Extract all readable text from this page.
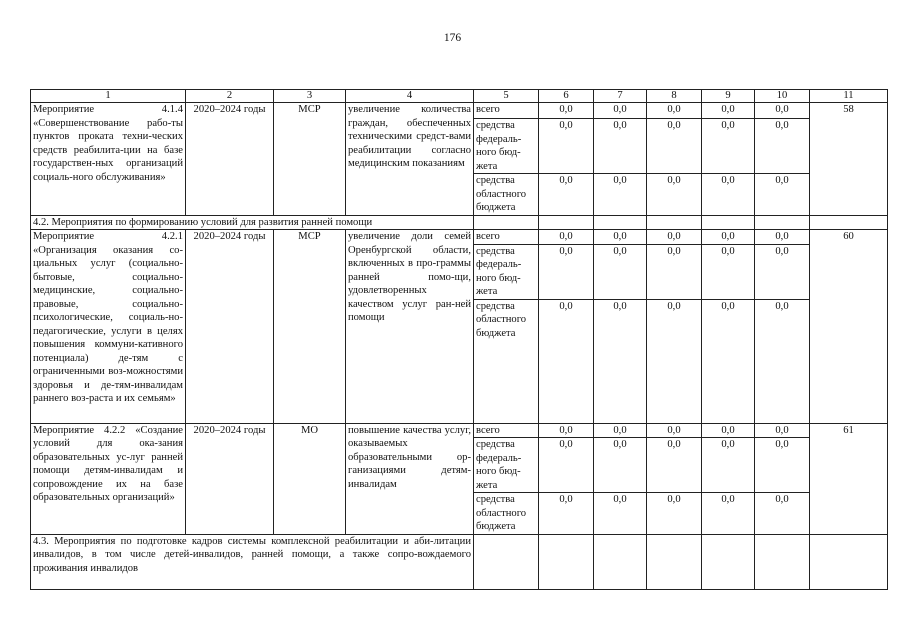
176
1	2	3	4	5	6	7	8	9	10	11
Мероприятие 4.1.4 «Совершенствование рабо-ты пунктов проката техни-ческих средств реабилита-ции на базе государствен-ных организаций социаль-ного обслуживания»	2020–2024 годы	МСР	увеличение количества граждан, обеспеченных техническими средст-вами реабилитации согласно медицинским показаниям	всего	0,0	0,0	0,0	0,0	0,0	58
				средства федераль-ного бюд-жета	0,0	0,0	0,0	0,0	0,0	
				средства областного бюджета	0,0	0,0	0,0	0,0	0,0	
4.2. Мероприятия по формированию условий для развития ранней помощи										
Мероприятие 4.2.1 «Организация оказания со-циальных услуг (социально-бытовые, социально-медицинские, социально-правовые, социально-психологические, социаль-но-педагогические, услуги в целях повышения коммуни-кативного потенциала) де-тям с ограниченными воз-можностями здоровья и де-тям-инвалидам раннего воз-раста и их семьям»	2020–2024 годы	МСР	увеличение доли семей Оренбургской области, включенных в про-граммы ранней помо-щи, удовлетворенных качеством услуг ран-ней помощи	всего	0,0	0,0	0,0	0,0	0,0	60
				средства федераль-ного бюд-жета	0,0	0,0	0,0	0,0	0,0	
				средства областного бюджета	0,0	0,0	0,0	0,0	0,0	
Мероприятие 4.2.2 «Создание условий для ока-зания образовательных ус-луг ранней помощи детям-инвалидам и сопровождение их на базе образовательных организаций»	2020–2024 годы	МО	повышение качества услуг, оказываемых образовательными ор-ганизациями детям-инвалидам	всего	0,0	0,0	0,0	0,0	0,0	61
				средства федераль-ного бюд-жета	0,0	0,0	0,0	0,0	0,0	
				средства областного бюджета	0,0	0,0	0,0	0,0	0,0	
4.3. Мероприятия по подготовке кадров системы комплексной реабилитации и аби-литации инвалидов, в том числе детей-инвалидов, ранней помощи, а также сопро-вождаемого проживания инвалидов										
